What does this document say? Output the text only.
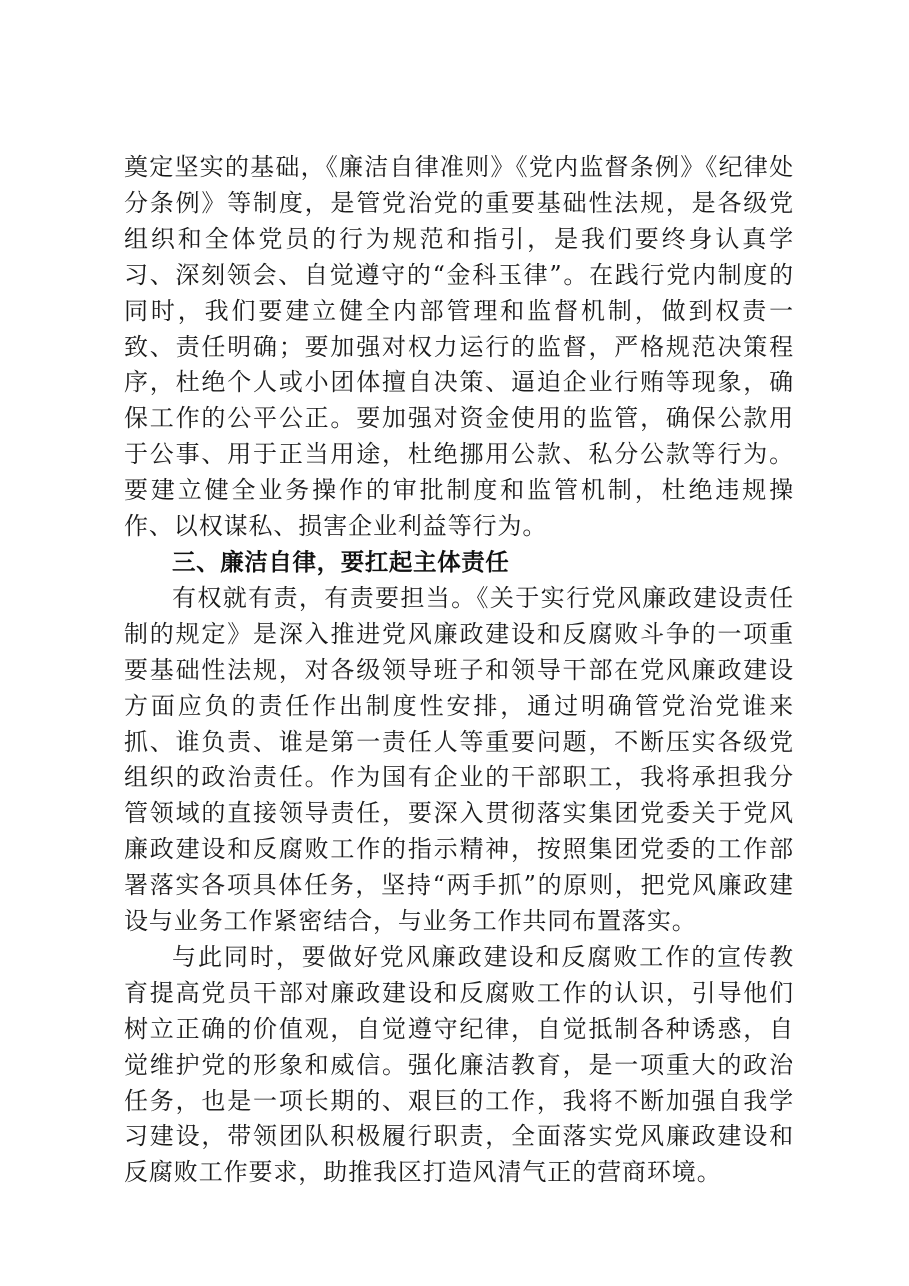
奠定坚实的基础，《廉洁自律准则》《党内监督条例》《纪律处分条例》等制度，是管党治党的重要基础性法规，是各级党组织和全体党员的行为规范和指引，是我们要终身认真学习、深刻领会、自觉遵守的“金科玉律”。在践行党内制度的同时，我们要建立健全内部管理和监督机制，做到权责一致、责任明确；要加强对权力运行的监督，严格规范决策程序，杜绝个人或小团体擅自决策、逼迫企业行贿等现象，确保工作的公平公正。要加强对资金使用的监管，确保公款用于公事、用于正当用途，杜绝挪用公款、私分公款等行为。要建立健全业务操作的审批制度和监管机制，杜绝违规操作、以权谋私、损害企业利益等行为。

三、廉洁自律，要扛起主体责任

有权就有责，有责要担当。《关于实行党风廉政建设责任制的规定》是深入推进党风廉政建设和反腐败斗争的一项重要基础性法规，对各级领导班子和领导干部在党风廉政建设方面应负的责任作出制度性安排，通过明确管党治党谁来抓、谁负责、谁是第一责任人等重要问题，不断压实各级党组织的政治责任。作为国有企业的干部职工，我将承担我分管领域的直接领导责任，要深入贯彻落实集团党委关于党风廉政建设和反腐败工作的指示精神，按照集团党委的工作部署落实各项具体任务，坚持“两手抓”的原则，把党风廉政建设与业务工作紧密结合，与业务工作共同布置落实。

与此同时，要做好党风廉政建设和反腐败工作的宣传教育提高党员干部对廉政建设和反腐败工作的认识，引导他们树立正确的价值观，自觉遵守纪律，自觉抵制各种诱惑，自觉维护党的形象和威信。强化廉洁教育，是一项重大的政治任务，也是一项长期的、艰巨的工作，我将不断加强自我学习建设，带领团队积极履行职责，全面落实党风廉政建设和反腐败工作要求，助推我区打造风清气正的营商环境。
